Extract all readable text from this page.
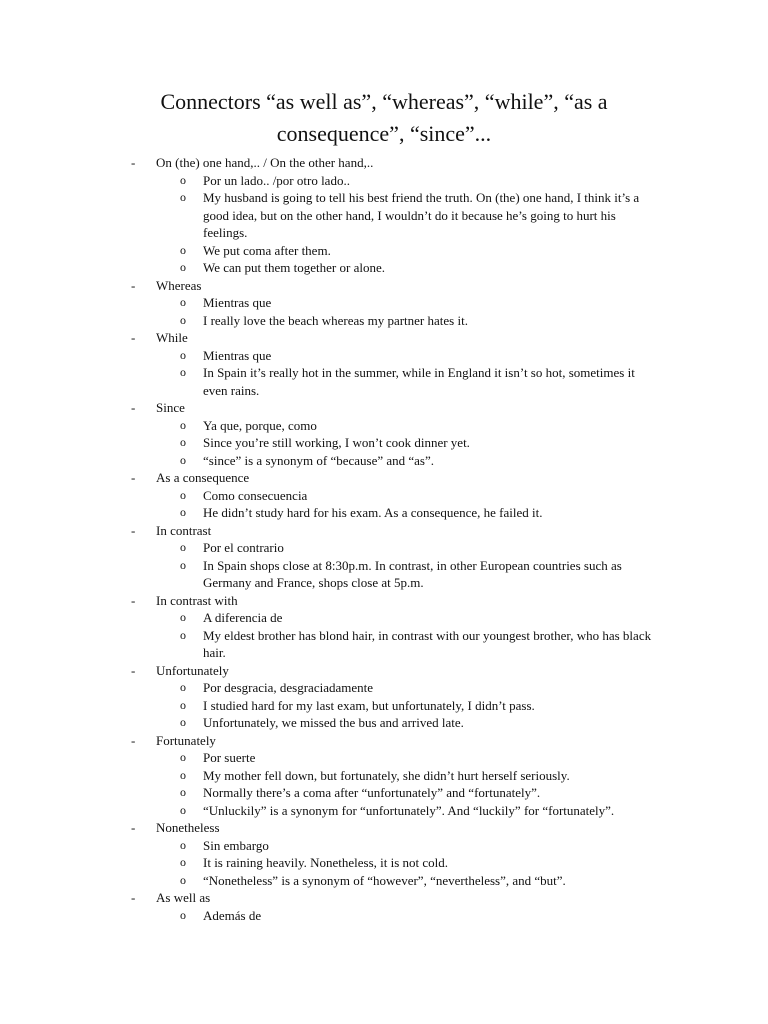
Connectors “as well as”, “whereas”, “while”, “as a
consequence”, “since”...
- On (the) one hand,.. / On the other hand,..
o Por un lado.. /por otro lado..
o My husband is going to tell his best friend the truth. On (the) one hand, I think it’s a good idea, but on the other hand, I wouldn’t do it because he’s going to hurt his feelings.
o We put coma after them.
o We can put them together or alone.
- Whereas
o Mientras que
o I really love the beach whereas my partner hates it.
- While
o Mientras que
o In Spain it’s really hot in the summer, while in England it isn’t so hot, sometimes it even rains.
- Since
o Ya que, porque, como
o Since you’re still working, I won’t cook dinner yet.
o “since” is a synonym of “because” and “as”.
- As a consequence
o Como consecuencia
o He didn’t study hard for his exam. As a consequence, he failed it.
- In contrast
o Por el contrario
o In Spain shops close at 8:30p.m. In contrast, in other European countries such as Germany and France, shops close at 5p.m.
- In contrast with
o A diferencia de
o My eldest brother has blond hair, in contrast with our youngest brother, who has black hair.
- Unfortunately
o Por desgracia, desgraciadamente
o I studied hard for my last exam, but unfortunately, I didn’t pass.
o Unfortunately, we missed the bus and arrived late.
- Fortunately
o Por suerte
o My mother fell down, but fortunately, she didn’t hurt herself seriously.
o Normally there’s a coma after “unfortunately” and “fortunately”.
o “Unluckily” is a synonym for “unfortunately”. And “luckily” for “fortunately”.
- Nonetheless
o Sin embargo
o It is raining heavily. Nonetheless, it is not cold.
o “Nonetheless” is a synonym of “however”, “nevertheless”, and “but”.
- As well as
o Además de
